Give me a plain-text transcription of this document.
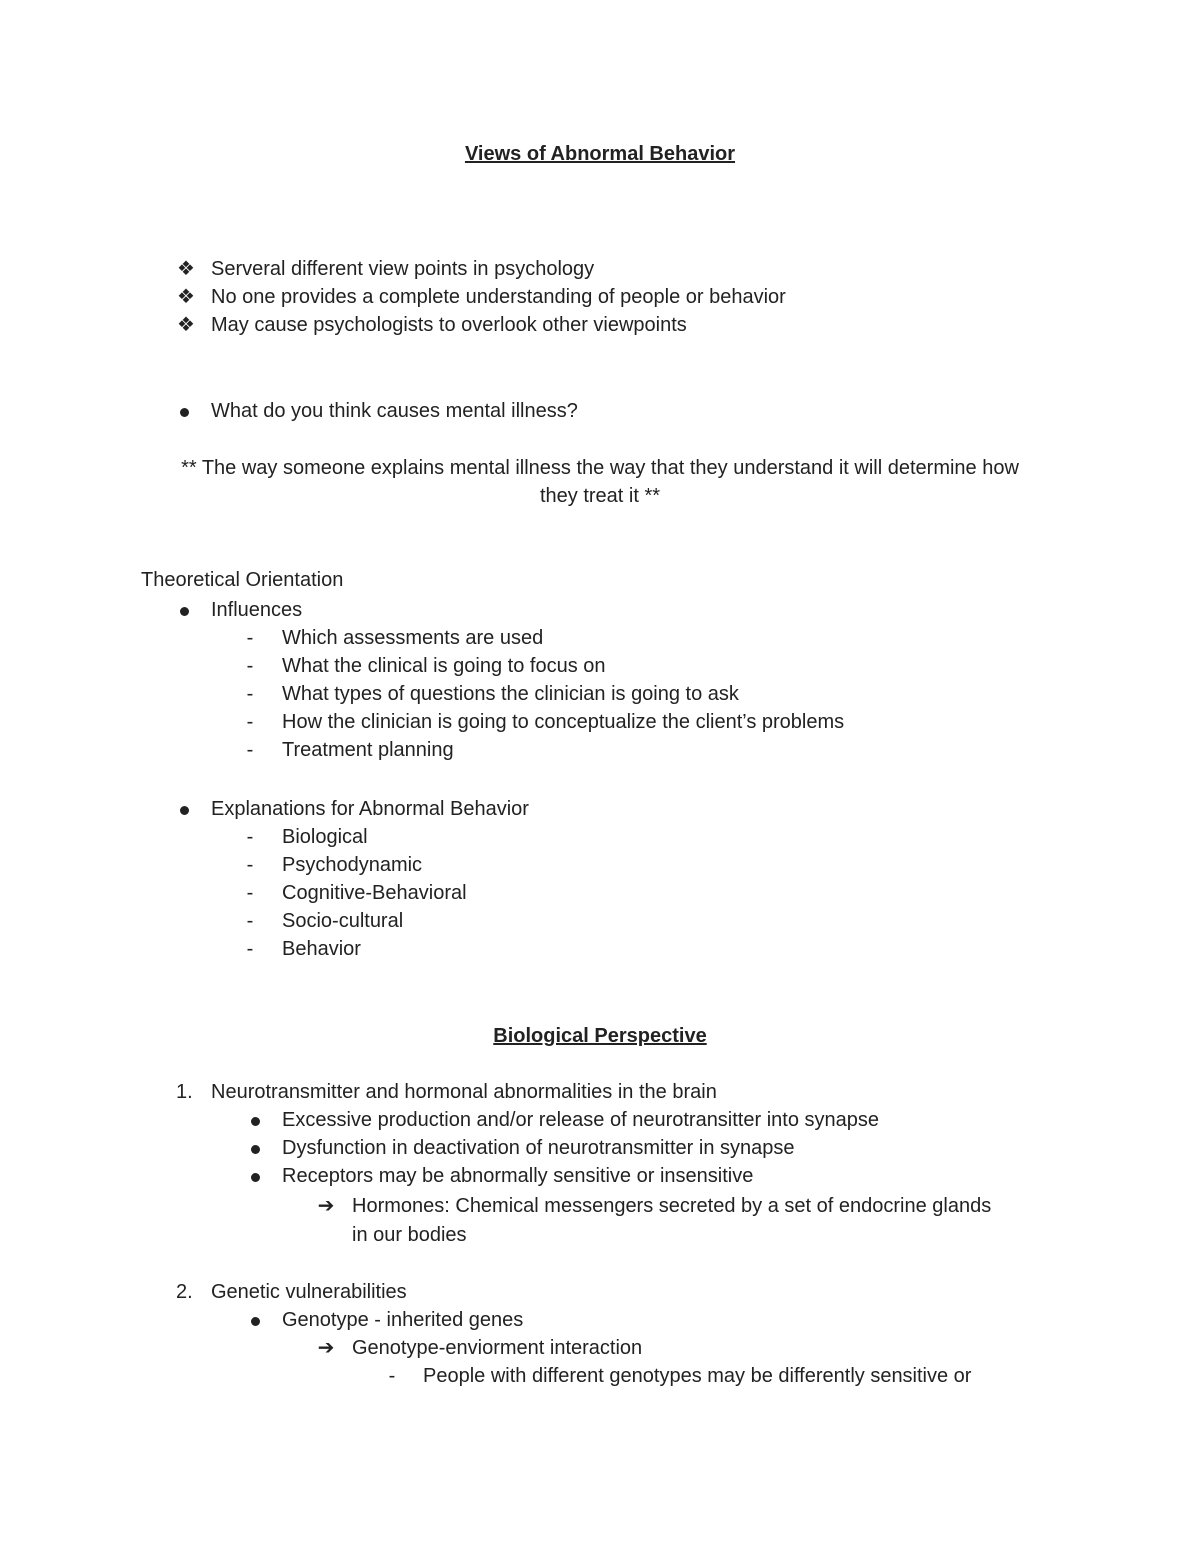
Views of Abnormal Behavior
❖ Serveral different view points in psychology
❖ No one provides a complete understanding of people or behavior
❖ May cause psychologists to overlook other viewpoints
What do you think causes mental illness?
** The way someone explains mental illness the way that they understand it will determine how
they treat it **
Theoretical Orientation
Influences
-	Which assessments are used
-	What the clinical is going to focus on
-	What types of questions the clinician is going to ask
-	How the clinician is going to conceptualize the client’s problems
-	Treatment planning
Explanations for Abnormal Behavior
-	Biological
-	Psychodynamic
-	Cognitive-Behavioral
-	Socio-cultural
-	Behavior
Biological Perspective
1. Neurotransmitter and hormonal abnormalities in the brain
Excessive production and/or release of neurotransitter into synapse
Dysfunction in deactivation of neurotransmitter in synapse
Receptors may be abnormally sensitive or insensitive
➔ Hormones: Chemical messengers secreted by a set of endocrine glands
in our bodies
2. Genetic vulnerabilities
Genotype - inherited genes
➔ Genotype-enviorment interaction
-	People with different genotypes may be differently sensitive or
